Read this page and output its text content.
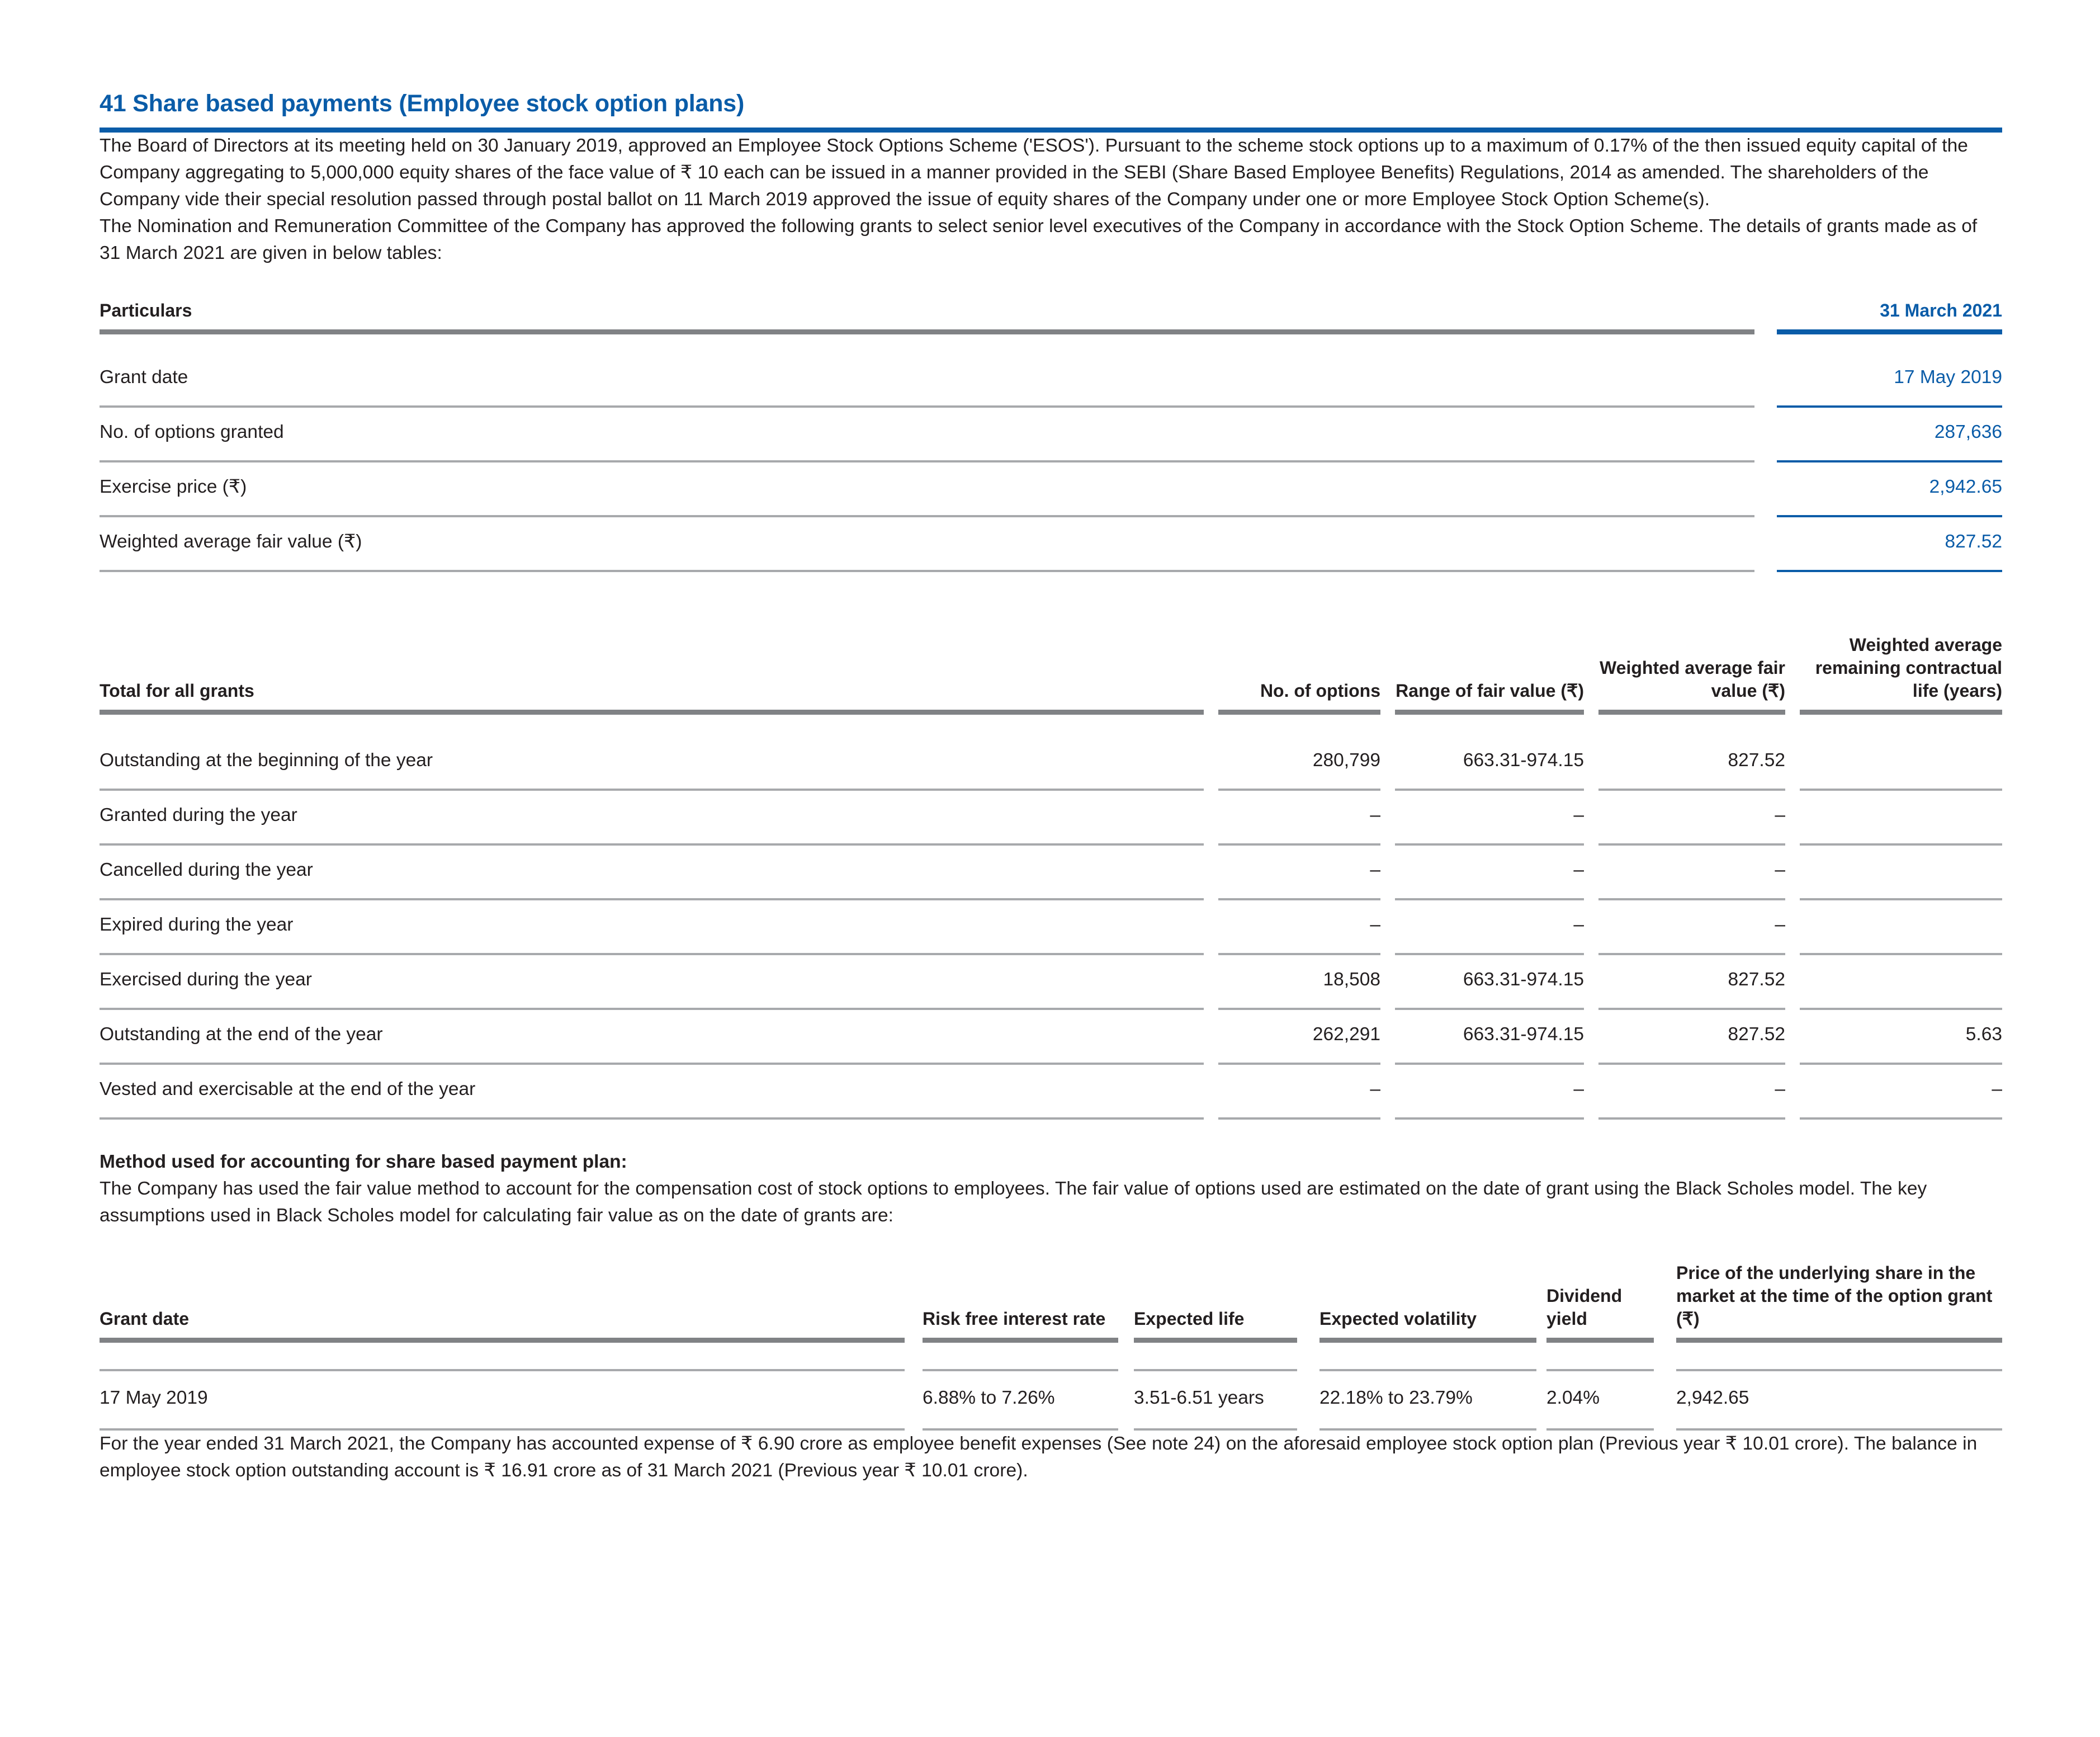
41 Share based payments (Employee stock option plans)

The Board of Directors at its meeting held on 30 January 2019, approved an Employee Stock Options Scheme ('ESOS'). Pursuant to the scheme stock options up to a maximum of 0.17% of the then issued equity capital of the Company aggregating to 5,000,000 equity shares of the face value of ₹ 10 each can be issued in a manner provided in the SEBI (Share Based Employee Benefits) Regulations, 2014 as amended. The shareholders of the Company vide their special resolution passed through postal ballot on 11 March 2019 approved the issue of equity shares of the Company under one or more Employee Stock Option Scheme(s).

The Nomination and Remuneration Committee of the Company has approved the following grants to select senior level executives of the Company in accordance with the Stock Option Scheme. The details of grants made as of 31 March 2021 are given in below tables:

Particulars		31 March 2021

Grant date		17 May 2019

No. of options granted		287,636

Exercise price (₹)		2,942.65

Weighted average fair value (₹)		827.52

Total for all grants		No. of options		Range of fair value (₹)		Weighted average fair value (₹)		Weighted average remaining contractual life (years)

Outstanding at the beginning of the year		280,799		663.31-974.15		827.52		

Granted during the year		–		–		–		

Cancelled during the year		–		–		–		

Expired during the year		–		–		–		

Exercised during the year		18,508		663.31-974.15		827.52		

Outstanding at the end of the year		262,291		663.31-974.15		827.52		5.63

Vested and exercisable at the end of the year		–		–		–		–

Method used for accounting for share based payment plan:

The Company has used the fair value method to account for the compensation cost of stock options to employees. The fair value of options used are estimated on the date of grant using the Black Scholes model. The key assumptions used in Black Scholes model for calculating fair value as on the date of grants are:

Grant date		Risk free interest rate		Expected life		Expected volatility		Dividend yield		Price of the underlying share in the market at the time of the option grant (₹)

17 May 2019		6.88% to 7.26%		3.51-6.51 years		22.18% to 23.79%		2.04%		2,942.65

For the year ended 31 March 2021, the Company has accounted expense of ₹ 6.90 crore as employee benefit expenses (See note 24) on the aforesaid employee stock option plan (Previous year ₹ 10.01 crore). The balance in employee stock option outstanding account is ₹ 16.91 crore as of 31 March 2021 (Previous year ₹ 10.01 crore).
